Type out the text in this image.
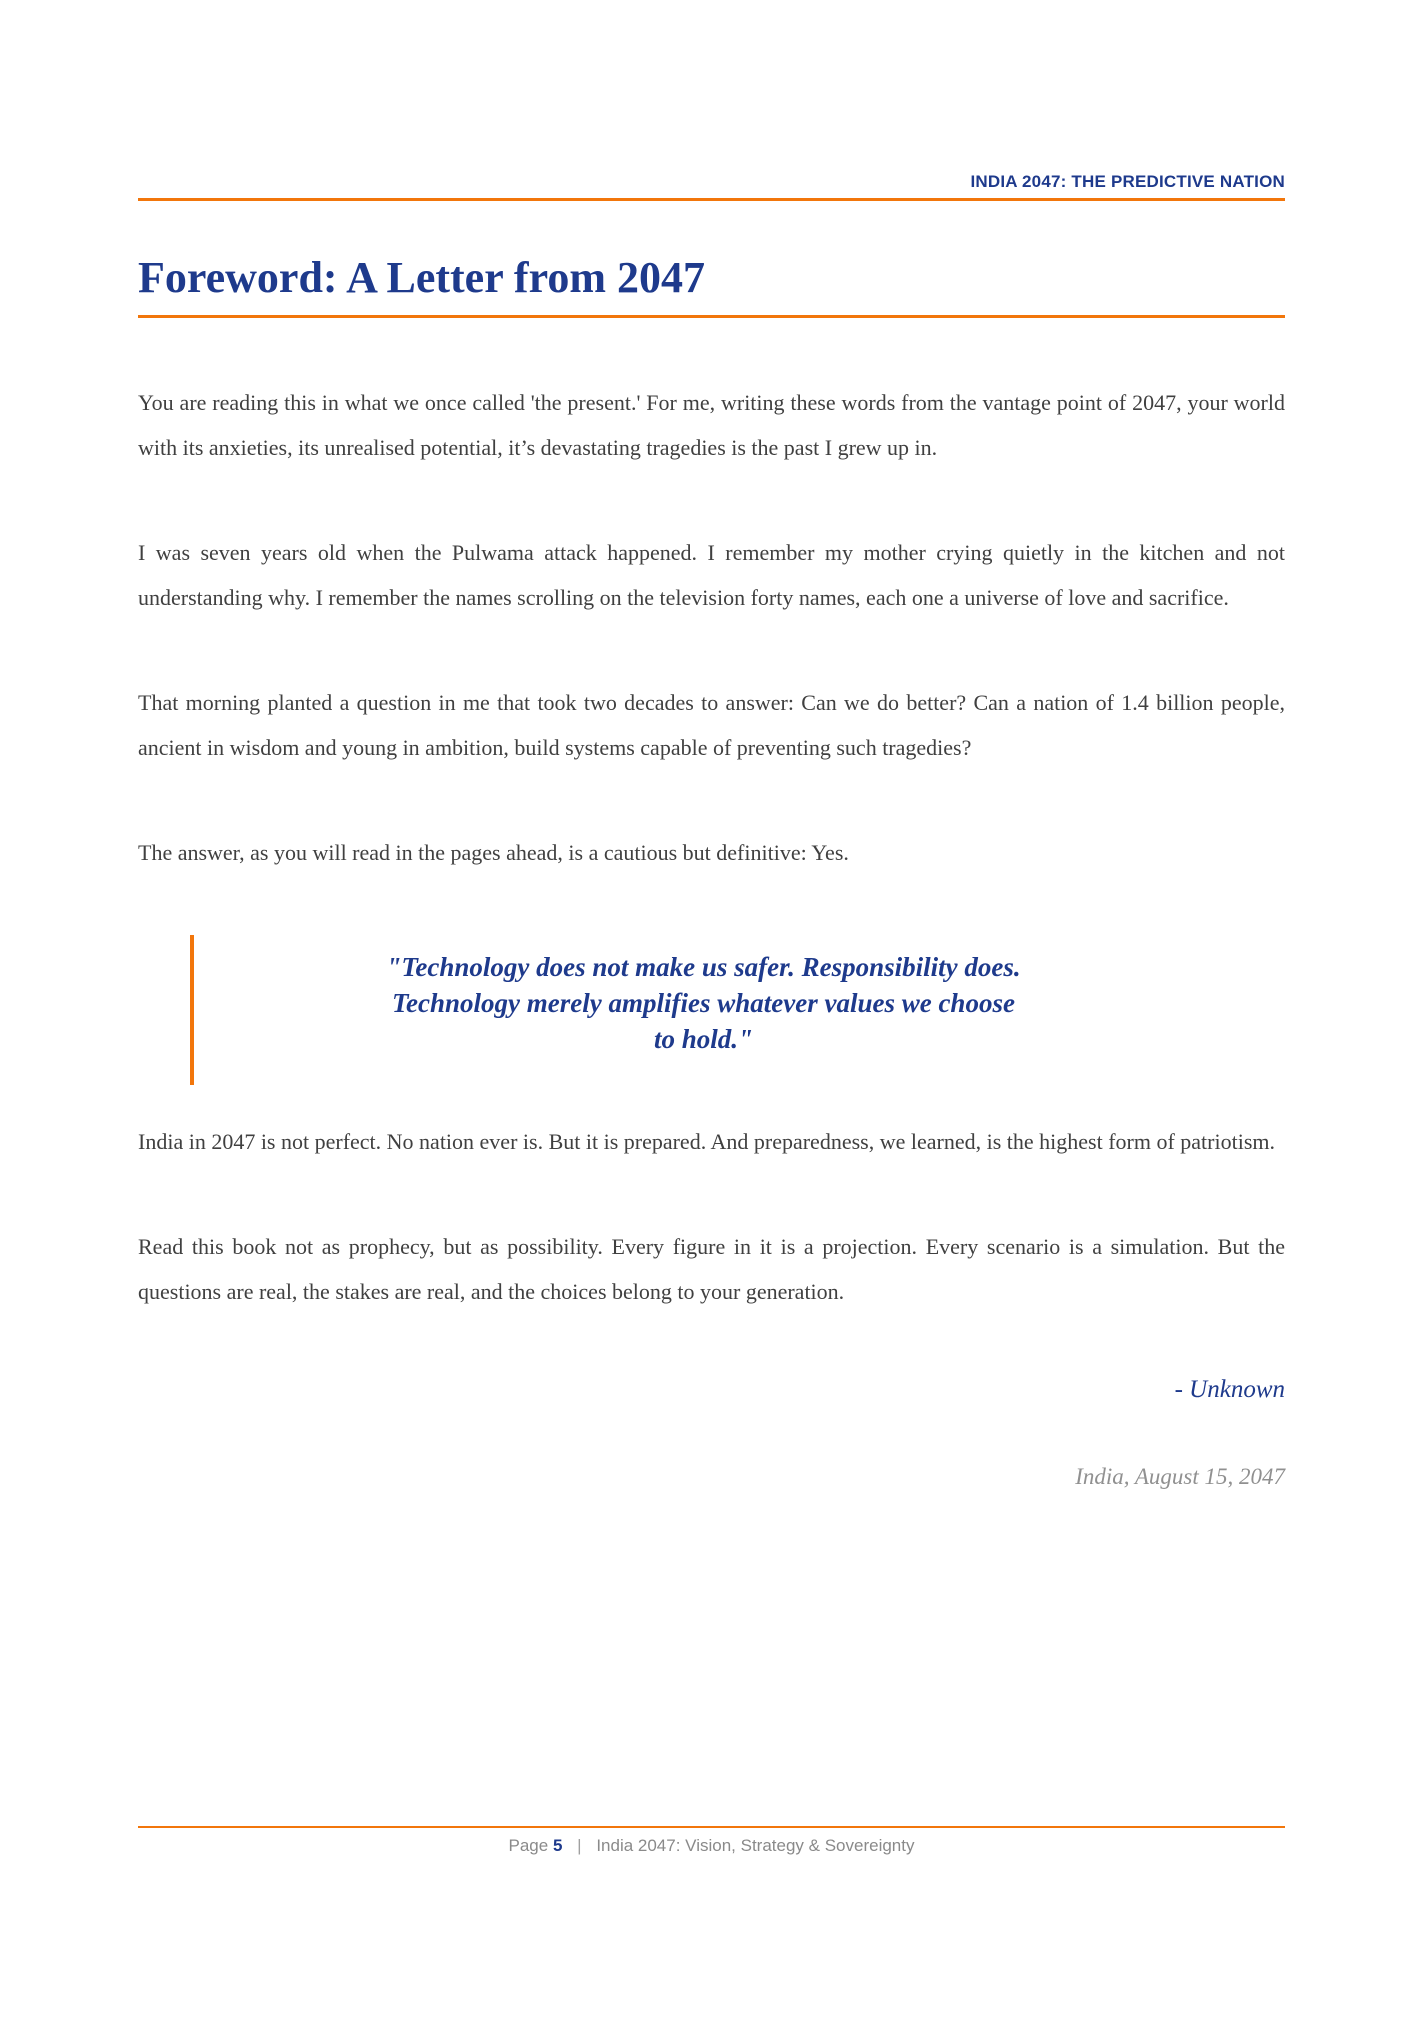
INDIA 2047: THE PREDICTIVE NATION
Foreword: A Letter from 2047

You are reading this in what we once called 'the present.' For me, writing these words from the vantage point of 2047, your world with its anxieties, its unrealised potential, it’s devastating tragedies is the past I grew up in.

I was seven years old when the Pulwama attack happened. I remember my mother crying quietly in the kitchen and not understanding why. I remember the names scrolling on the television forty names, each one a universe of love and sacrifice.

That morning planted a question in me that took two decades to answer: Can we do better? Can a nation of 1.4 billion people, ancient in wisdom and young in ambition, build systems capable of preventing such tragedies?

The answer, as you will read in the pages ahead, is a cautious but definitive: Yes.

"Technology does not make us safer. Responsibility does.
Technology merely amplifies whatever values we choose
to hold."

India in 2047 is not perfect. No nation ever is. But it is prepared. And preparedness, we learned, is the highest form of patriotism.

Read this book not as prophecy, but as possibility. Every figure in it is a projection. Every scenario is a simulation. But the questions are real, the stakes are real, and the choices belong to your generation.

- Unknown
India, August 15, 2047
Page 5 | India 2047: Vision, Strategy & Sovereignty
